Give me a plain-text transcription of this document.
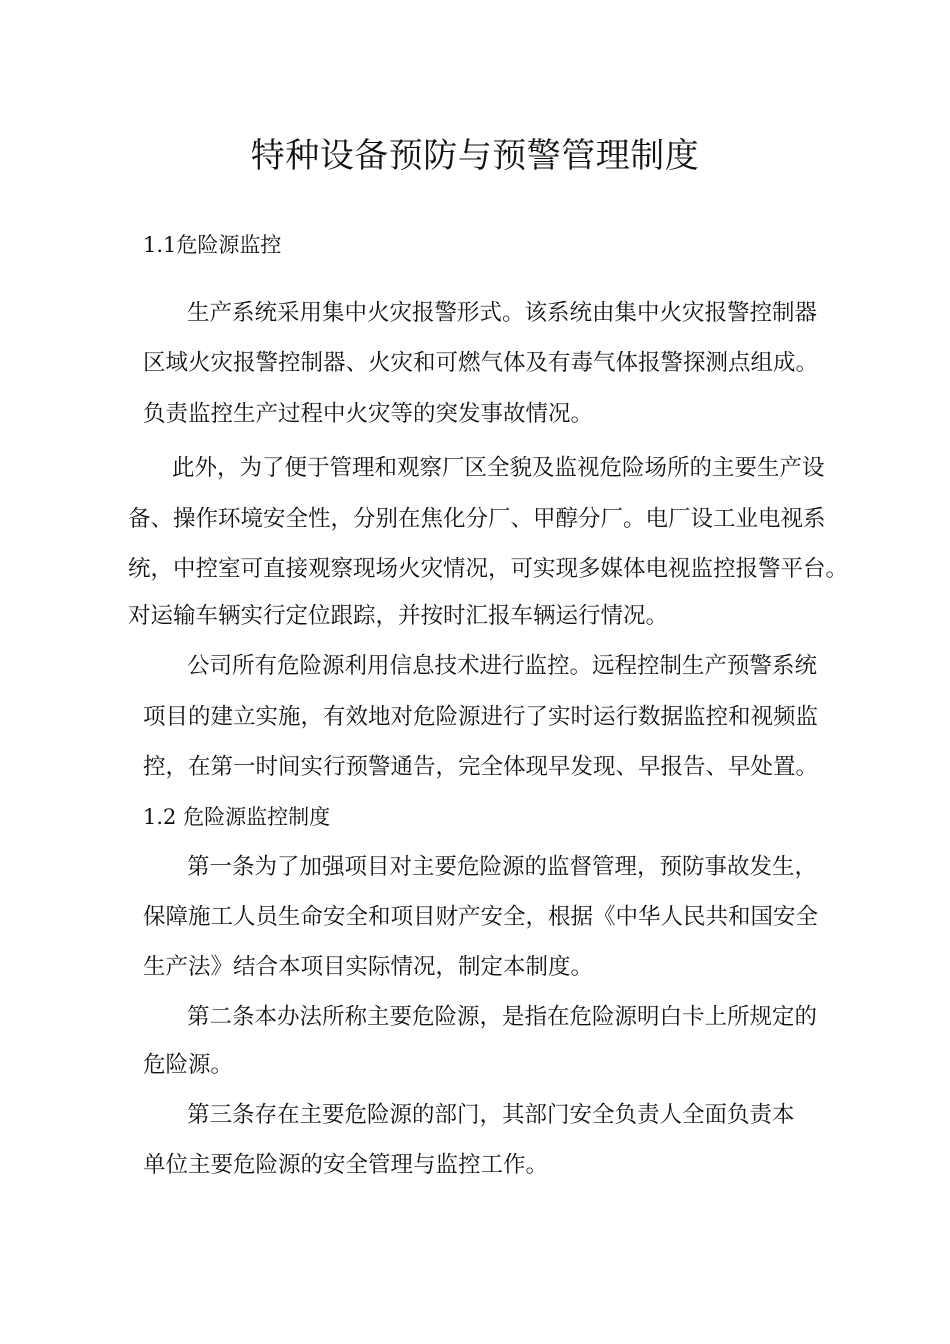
特种设备预防与预警管理制度

1.1危险源监控

生产系统采用集中火灾报警形式。该系统由集中火灾报警控制器

区域火灾报警控制器、火灾和可燃气体及有毒气体报警探测点组成。

负责监控生产过程中火灾等的突发事故情况。

此外，为了便于管理和观察厂区全貌及监视危险场所的主要生产设

备、操作环境安全性，分别在焦化分厂、甲醇分厂。电厂设工业电视系

统，中控室可直接观察现场火灾情况，可实现多媒体电视监控报警平台。

对运输车辆实行定位跟踪，并按时汇报车辆运行情况。

公司所有危险源利用信息技术进行监控。远程控制生产预警系统

项目的建立实施，有效地对危险源进行了实时运行数据监控和视频监

控，在第一时间实行预警通告，完全体现早发现、早报告、早处置。

1.2 危险源监控制度

第一条为了加强项目对主要危险源的监督管理，预防事故发生，

保障施工人员生命安全和项目财产安全，根据《中华人民共和国安全

生产法》结合本项目实际情况，制定本制度。

第二条本办法所称主要危险源，是指在危险源明白卡上所规定的

危险源。

第三条存在主要危险源的部门，其部门安全负责人全面负责本

单位主要危险源的安全管理与监控工作。
